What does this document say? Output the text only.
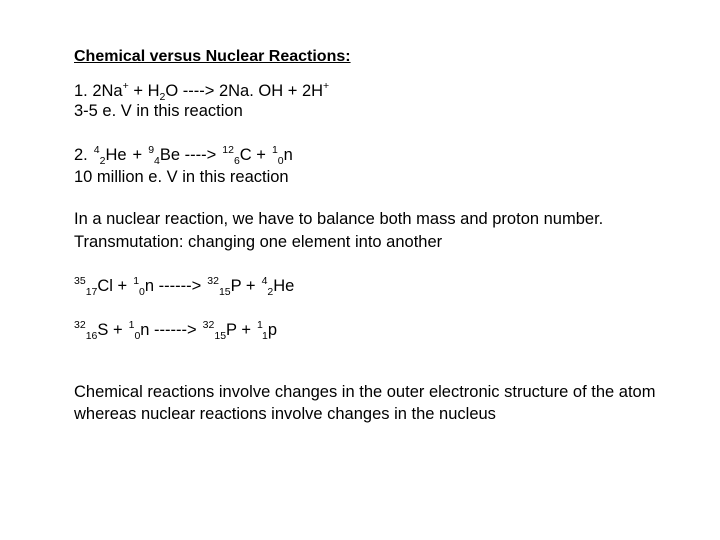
Chemical versus Nuclear Reactions:
1. $2Na^+ + H_2O$ ----> 2Na. OH + 2H+
3-5 e. V in this reaction
2. $^4_2$He + $^9_4$Be ----> $^{12}_6$C + $^1_0$n
10 million e. V in this reaction
In a nuclear reaction, we have to balance both mass and proton number.
Transmutation: changing one element into another
$^{35}_{17}$Cl + $^1_0$n ------> $^{32}_{15}$P + $^4_2$He
$^{32}_{16}$S + $^1_0$n ------> $^{32}_{15}$P + $^1_1$p
Chemical reactions involve changes in the outer electronic structure of the atom whereas nuclear reactions involve changes in the nucleus
